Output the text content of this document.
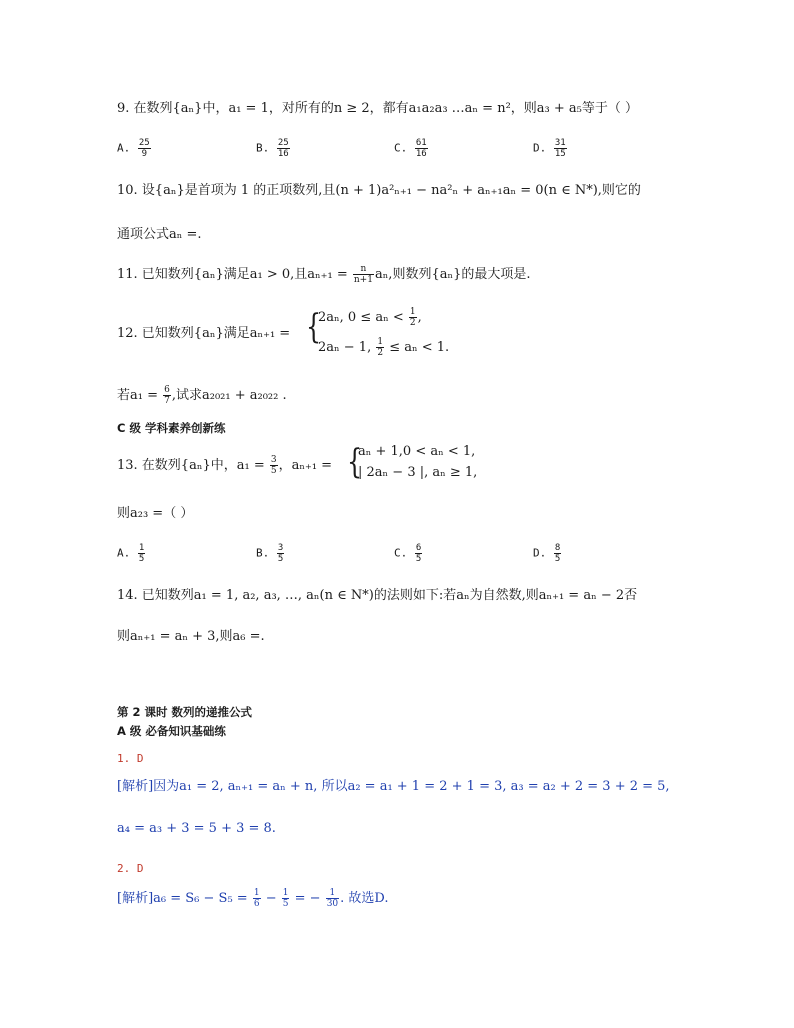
9. 在数列{aₙ}中，a₁ = 1，对所有的n ≥ 2，都有a₁a₂a₃ …aₙ = n²，则a₃ + a₅等于（ ）
A. $\frac{25}{9}$	B. $\frac{25}{16}$	C. $\frac{61}{16}$	D. $\frac{31}{15}$
10. 设{aₙ}是首项为 1 的正项数列,且(n + 1)a²ₙ₊₁ − na²ₙ + aₙ₊₁aₙ = 0(n ∈ N*),则它的
通项公式aₙ =.
11. 已知数列{aₙ}满足a₁ > 0,且$a_{n+1} = \frac{n}{n+1} a_n$,则数列{aₙ}的最大项是.
12. 已知数列{aₙ}满足aₙ₊₁ = {
2aₙ, $0 \le a_n < \frac{1}{2}$ ,
2aₙ − 1, $\frac{1}{2} \le a_n < 1$.
若$a_1 = \frac{6}{7}$ ,试求a₂₀₂₁ + a₂₀₂₂ .
C 级 学科素养创新练
13. 在数列{aₙ}中，$a_1 = \frac{3}{5}$ ，aₙ₊₁ = {
aₙ + 1,0 < aₙ < 1,
| 2aₙ − 3 |, aₙ ≥ 1,
则a₂₃ =（ ）
A. $\frac{1}{5}$	B. $\frac{3}{5}$	C. $\frac{6}{5}$	D. $\frac{8}{5}$
14. 已知数列a₁ = 1, a₂, a₃, …, aₙ(n ∈ N*)的法则如下:若aₙ为自然数,则aₙ₊₁ = aₙ − 2否
则aₙ₊₁ = aₙ + 3,则a₆ =.
第 2 课时 数列的递推公式
A 级 必备知识基础练
1. D
[解析]因为a₁ = 2, aₙ₊₁ = aₙ + n, 所以a₂ = a₁ + 1 = 2 + 1 = 3, a₃ = a₂ + 2 = 3 + 2 = 5,
a₄ = a₃ + 3 = 5 + 3 = 8.
2. D
[解析]$a_6 = S_6 - S_5 = \frac{1}{6} - \frac{1}{5}$ = − $\frac{1}{30}$ . 故选D.
